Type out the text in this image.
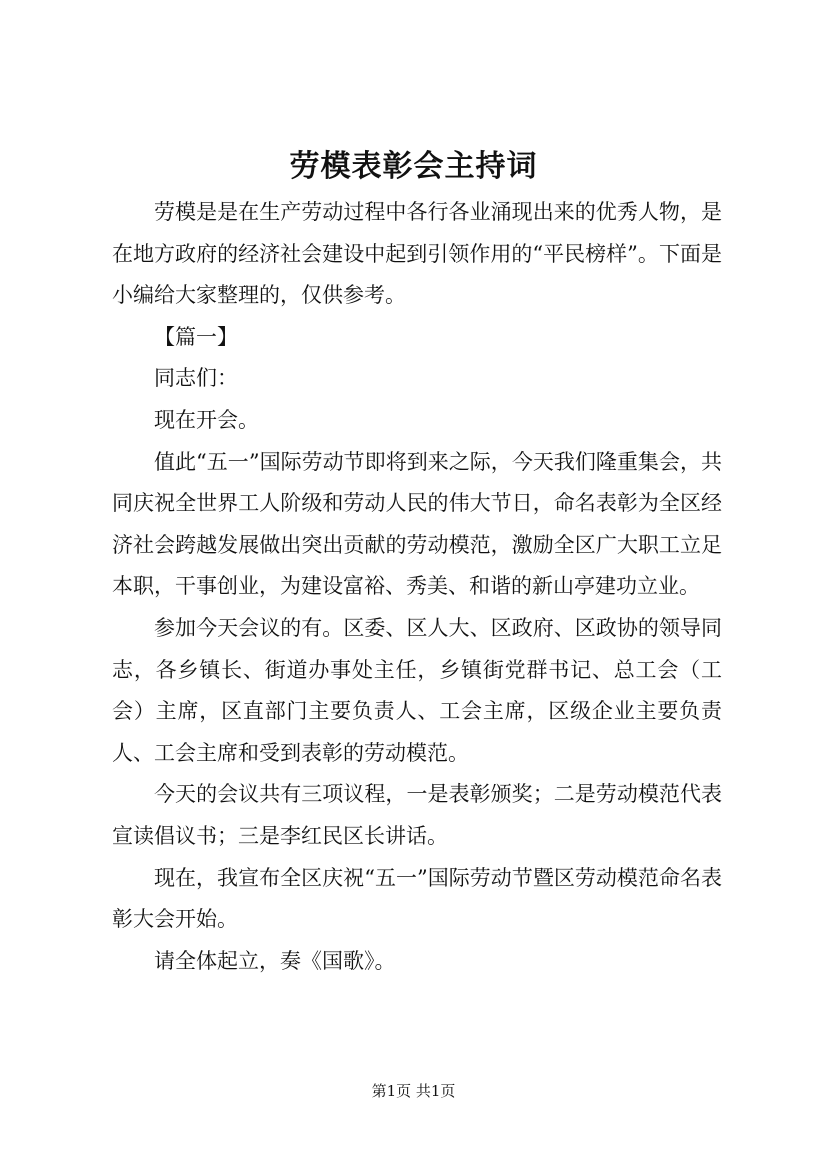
劳模表彰会主持词

劳模是是在生产劳动过程中各行各业涌现出来的优秀人物，是在地方政府的经济社会建设中起到引领作用的“平民榜样”。下面是小编给大家整理的，仅供参考。

【篇一】

同志们：

现在开会。

值此“五一”国际劳动节即将到来之际，今天我们隆重集会，共同庆祝全世界工人阶级和劳动人民的伟大节日，命名表彰为全区经济社会跨越发展做出突出贡献的劳动模范，激励全区广大职工立足本职，干事创业，为建设富裕、秀美、和谐的新山亭建功立业。

参加今天会议的有。区委、区人大、区政府、区政协的领导同志，各乡镇长、街道办事处主任，乡镇街党群书记、总工会（工会）主席，区直部门主要负责人、工会主席，区级企业主要负责人、工会主席和受到表彰的劳动模范。

今天的会议共有三项议程，一是表彰颁奖；二是劳动模范代表宣读倡议书；三是李红民区长讲话。

现在，我宣布全区庆祝“五一”国际劳动节暨区劳动模范命名表彰大会开始。

请全体起立，奏《国歌》。

第1页 共1页
